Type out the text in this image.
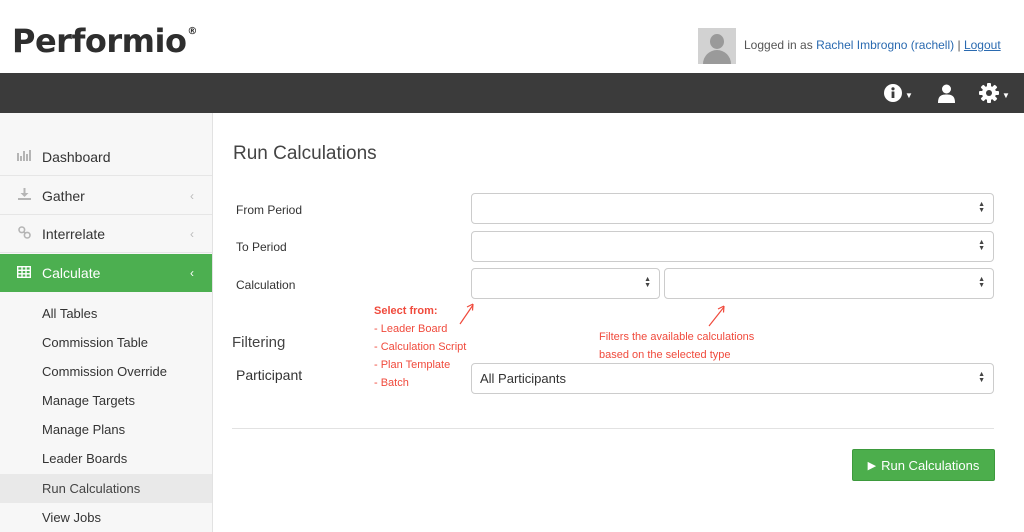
Performio®
Logged in as Rachel Imbrogno (rachell) | Logout
▼	▼
Dashboard
Gather	‹
Interrelate	‹
Calculate	‹
All Tables
Commission Table
Commission Override
Manage Targets
Manage Plans
Leader Boards
Run Calculations
View Jobs
Run Calculations
From Period	▲
▼
To Period	▲
▼
Calculation	▲
▼
▲
▼
Select from:
- Leader Board
- Calculation Script
- Plan Template
- Batch
Filters the available calculations
based on the selected type
Filtering
Participant	All Participants	▲
▼
▶ Run Calculations
